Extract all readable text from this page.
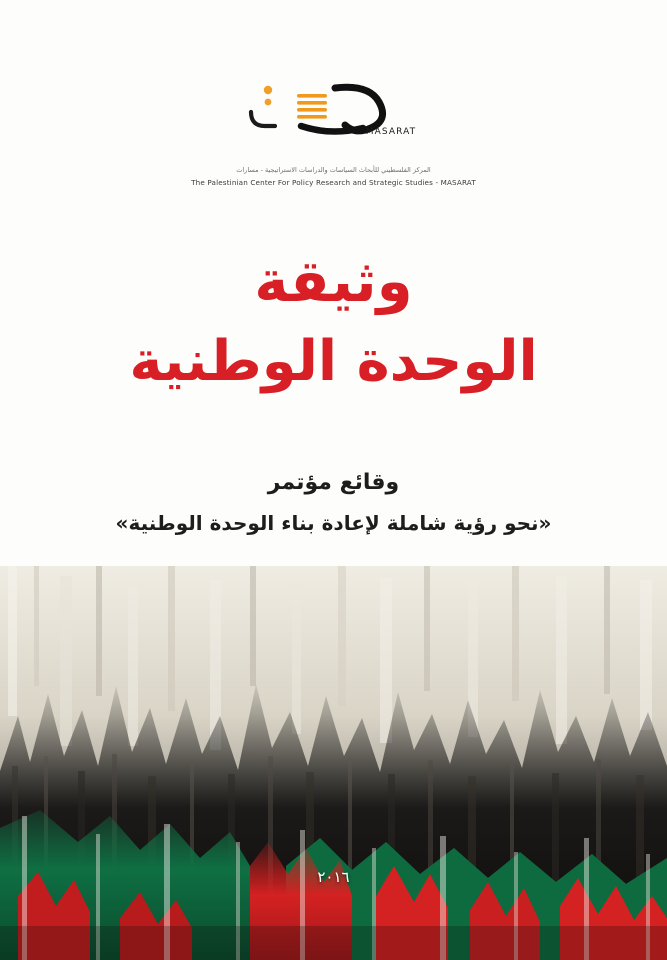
MASARAT
المركز الفلسطيني للأبحاث السياسات والدراسات الاستراتيجية - مسارات
The Palestinian Center For Policy Research and Strategic Studies - MASARAT
وثيقة
الوحدة الوطنية
وقائع مؤتمر
«نحو رؤية شاملة لإعادة بناء الوحدة الوطنية»
٢٠١٦
